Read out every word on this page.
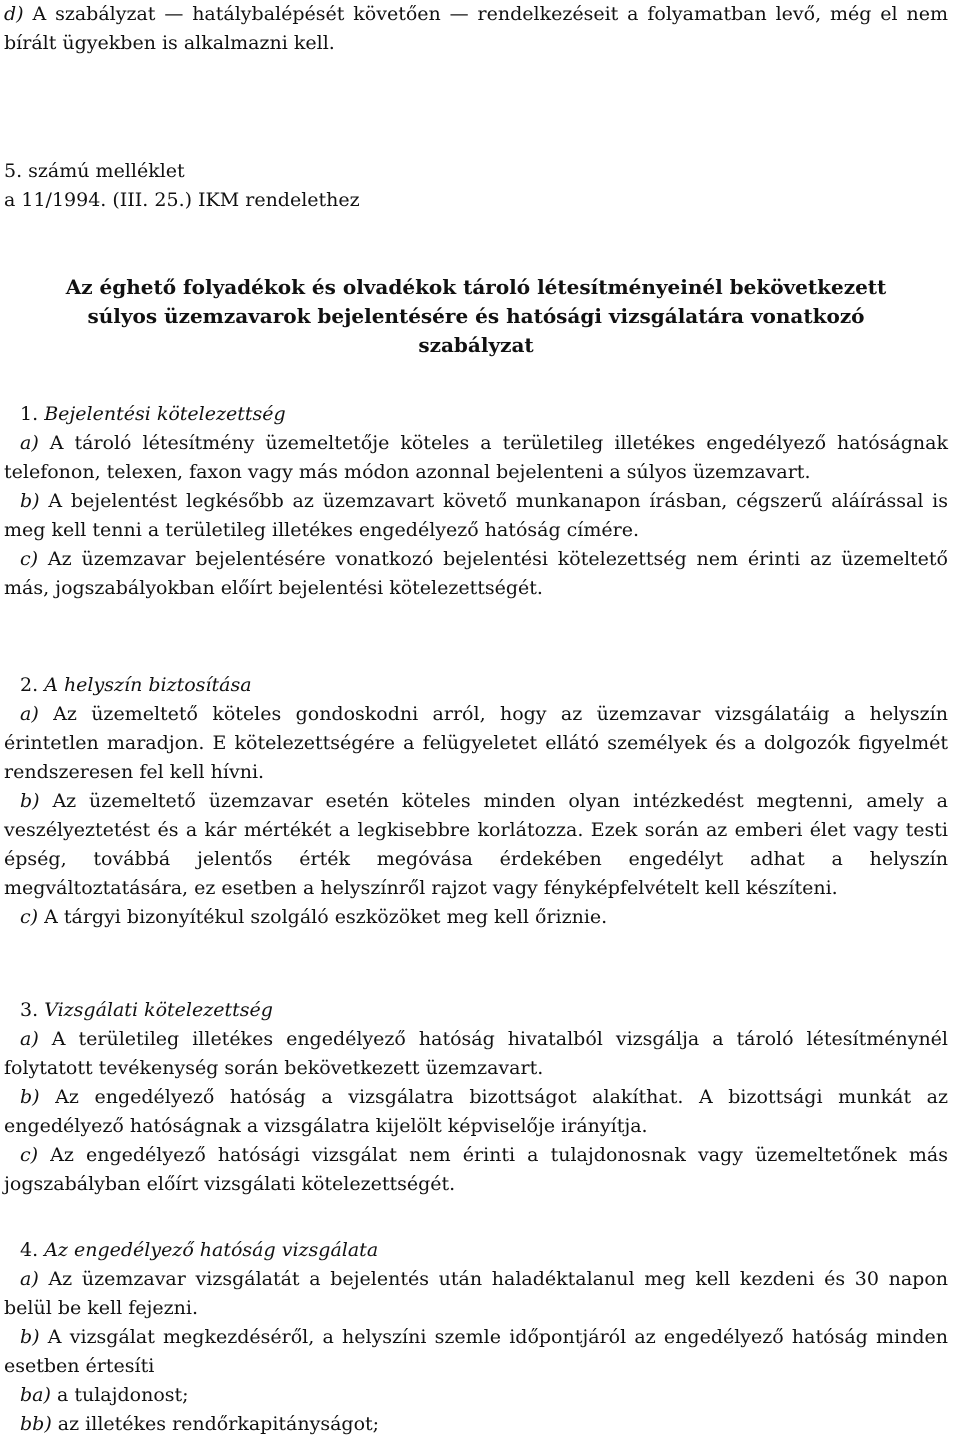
d) A szabályzat — hatálybalépését követően — rendelkezéseit a folyamatban levő, még el nem bírált ügyekben is alkalmazni kell.

5. számú melléklet

a 11/1994. (III. 25.) IKM rendelethez

Az éghető folyadékok és olvadékok tároló létesítményeinél bekövetkezett

súlyos üzemzavarok bejelentésére és hatósági vizsgálatára vonatkozó

szabályzat

1. Bejelentési kötelezettség

a) A tároló létesítmény üzemeltetője köteles a területileg illetékes engedélyező hatóságnak telefonon, telexen, faxon vagy más módon azonnal bejelenteni a súlyos üzemzavart.

b) A bejelentést legkésőbb az üzemzavart követő munkanapon írásban, cégszerű aláírással is meg kell tenni a területileg illetékes engedélyező hatóság címére.

c) Az üzemzavar bejelentésére vonatkozó bejelentési kötelezettség nem érinti az üzemeltető más, jogszabályokban előírt bejelentési kötelezettségét.

2. A helyszín biztosítása

a) Az üzemeltető köteles gondoskodni arról, hogy az üzemzavar vizsgálatáig a helyszín érintetlen maradjon. E kötelezettségére a felügyeletet ellátó személyek és a dolgozók figyelmét rendszeresen fel kell hívni.

b) Az üzemeltető üzemzavar esetén köteles minden olyan intézkedést megtenni, amely a veszélyeztetést és a kár mértékét a legkisebbre korlátozza. Ezek során az emberi élet vagy testi épség, továbbá jelentős érték megóvása érdekében engedélyt adhat a helyszín megváltoztatására, ez esetben a helyszínről rajzot vagy fényképfelvételt kell készíteni.

c) A tárgyi bizonyítékul szolgáló eszközöket meg kell őriznie.

3. Vizsgálati kötelezettség

a) A területileg illetékes engedélyező hatóság hivatalból vizsgálja a tároló létesítménynél folytatott tevékenység során bekövetkezett üzemzavart.

b) Az engedélyező hatóság a vizsgálatra bizottságot alakíthat. A bizottsági munkát az engedélyező hatóságnak a vizsgálatra kijelölt képviselője irányítja.

c) Az engedélyező hatósági vizsgálat nem érinti a tulajdonosnak vagy üzemeltetőnek más jogszabályban előírt vizsgálati kötelezettségét.

4. Az engedélyező hatóság vizsgálata

a) Az üzemzavar vizsgálatát a bejelentés után haladéktalanul meg kell kezdeni és 30 napon belül be kell fejezni.

b) A vizsgálat megkezdéséről, a helyszíni szemle időpontjáról az engedélyező hatóság minden esetben értesíti

ba) a tulajdonost;

bb) az illetékes rendőrkapitányságot;
